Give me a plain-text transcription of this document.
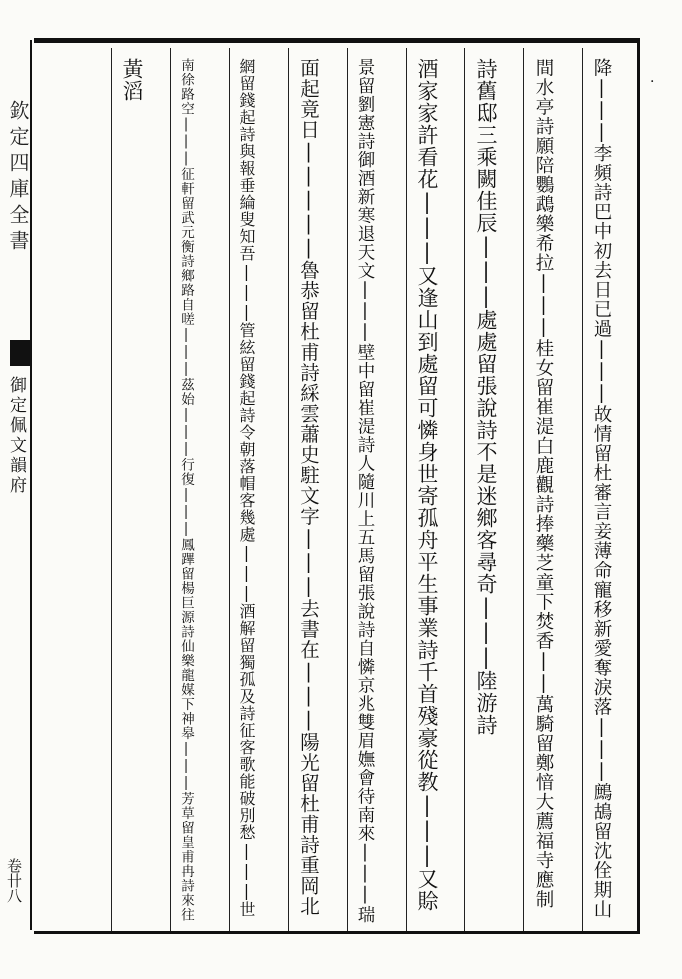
欽定四庫全書
御定佩文韻府
卷卄八
·
降|||李頻詩巴中初去日已過|||故情留杜審言妾薄命寵移新愛奪淚落|||鷓鴣留沈佺期山
間水亭詩願陪鸚鵡樂希拉|||桂女留崔湜白鹿觀詩捧藥芝童下焚香||萬騎留鄭愔大薦福寺應制
詩舊邸三乘闕佳辰|||處處留張說詩不是迷鄉客尋奇|||陸游詩
酒家家許看花|||又逢山到處留可憐身世寄孤舟平生事業詩千首殘豪從教|||又賒
景留劉憲詩御酒新寒退天文|||壁中留崔湜詩人隨川上五馬留張說詩自憐京兆雙眉嫵會待南來|||瑞
面起竟日|||||魯恭留杜甫詩綵雲蕭史駐文字|||去書在|||陽光留杜甫詩重岡北
網留錢起詩與報垂綸叟知吾|||管絃留錢起詩令朝落帽客幾處|||酒解留獨孤及詩征客歌能破別愁|||世
南徐路空|||征軒留武元衡詩鄉路自嗟|||茲始|||行復|||鳳蹕留楊巨源詩仙樂龍媒下神皋|||芳草留皇甫冉詩來往
黃滔
